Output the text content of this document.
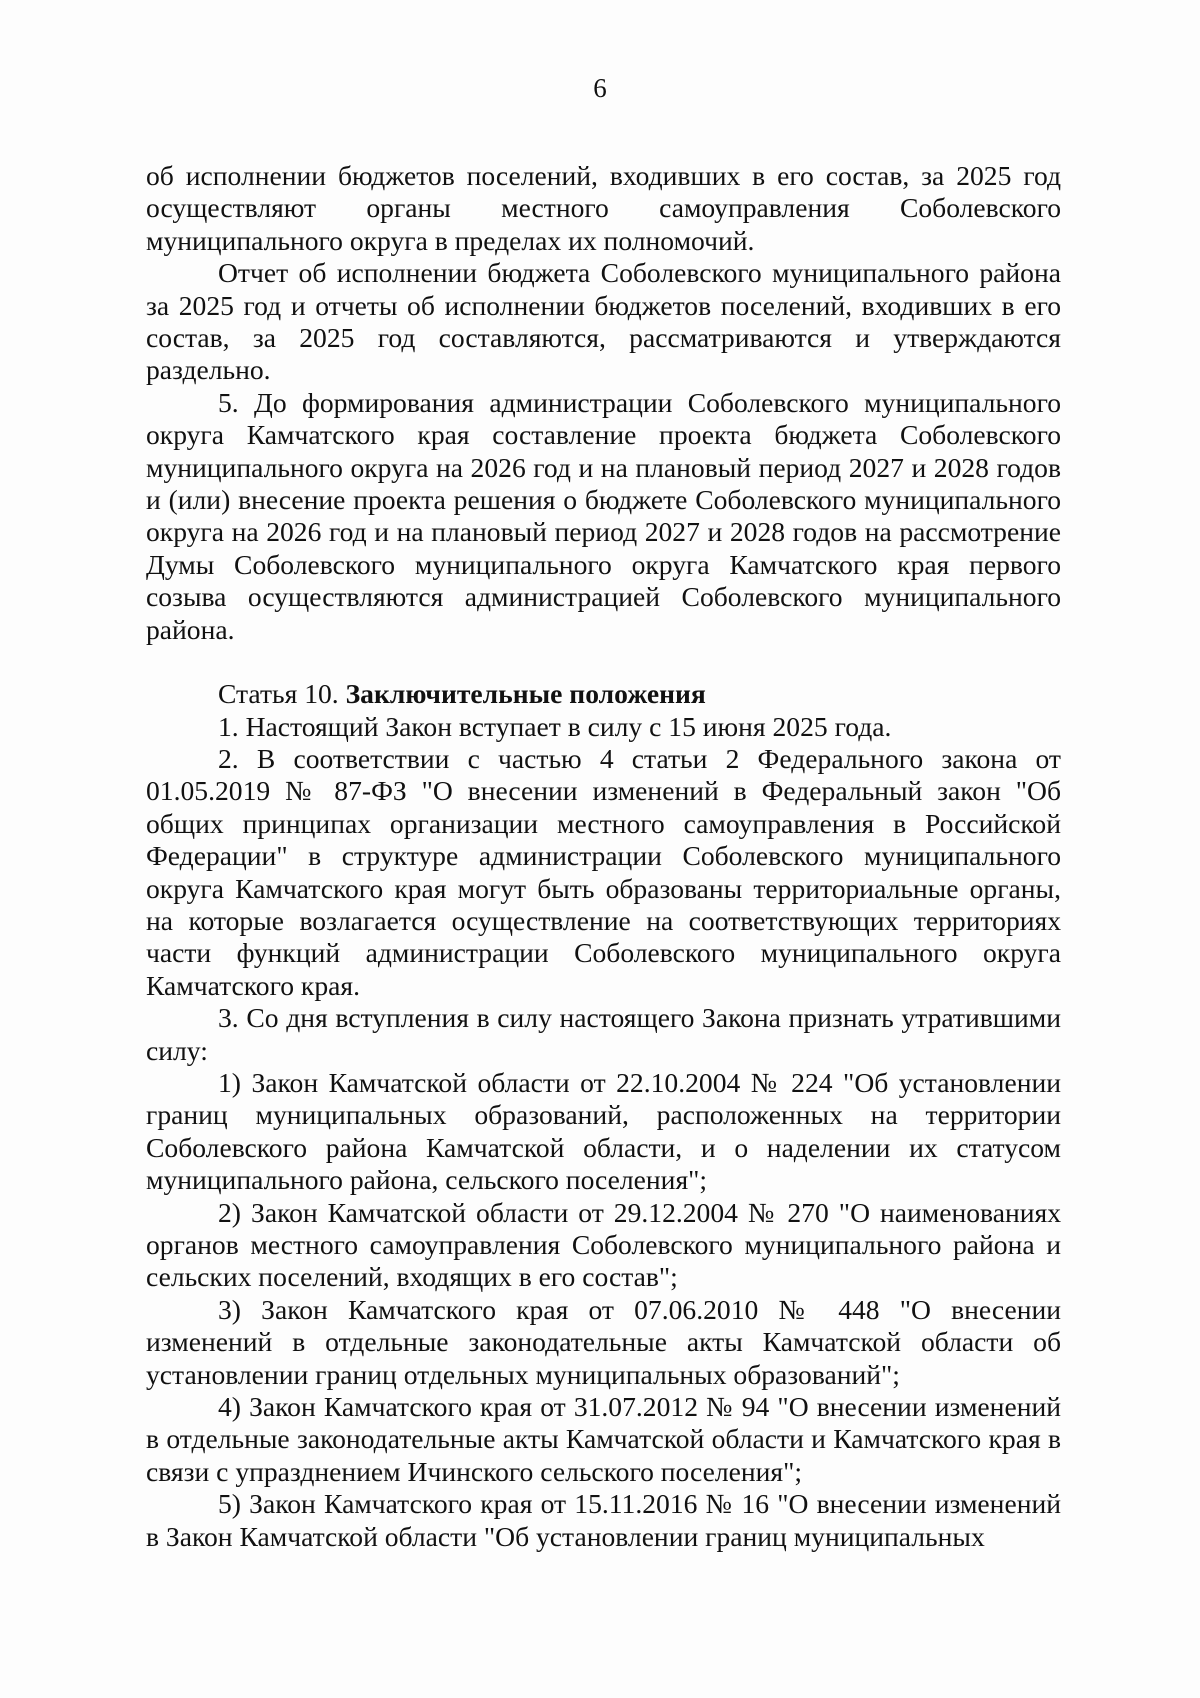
6

об исполнении бюджетов поселений, входивших в его состав, за 2025 год осуществляют органы местного самоуправления Соболевского муниципального округа в пределах их полномочий.

Отчет об исполнении бюджета Соболевского муниципального района за 2025 год и отчеты об исполнении бюджетов поселений, входивших в его состав, за 2025 год составляются, рассматриваются и утверждаются раздельно.

5. До формирования администрации Соболевского муниципального округа Камчатского края составление проекта бюджета Соболевского муниципального округа на 2026 год и на плановый период 2027 и 2028 годов и (или) внесение проекта решения о бюджете Соболевского муниципального округа на 2026 год и на плановый период 2027 и 2028 годов на рассмотрение Думы Соболевского муниципального округа Камчатского края первого созыва осуществляются администрацией Соболевского муниципального района.

Статья 10. Заключительные положения

1. Настоящий Закон вступает в силу с 15 июня 2025 года.

2. В соответствии с частью 4 статьи 2 Федерального закона от 01.05.2019 № 87-ФЗ "О внесении изменений в Федеральный закон "Об общих принципах организации местного самоуправления в Российской Федерации" в структуре администрации Соболевского муниципального округа Камчатского края могут быть образованы территориальные органы, на которые возлагается осуществление на соответствующих территориях части функций администрации Соболевского муниципального округа Камчатского края.

3. Со дня вступления в силу настоящего Закона признать утратившими силу:

1) Закон Камчатской области от 22.10.2004 № 224 "Об установлении границ муниципальных образований, расположенных на территории Соболевского района Камчатской области, и о наделении их статусом муниципального района, сельского поселения";

2) Закон Камчатской области от 29.12.2004 № 270 "О наименованиях органов местного самоуправления Соболевского муниципального района и сельских поселений, входящих в его состав";

3) Закон Камчатского края от 07.06.2010 № 448 "О внесении изменений в отдельные законодательные акты Камчатской области об установлении границ отдельных муниципальных образований";

4) Закон Камчатского края от 31.07.2012 № 94 "О внесении изменений в отдельные законодательные акты Камчатской области и Камчатского края в связи с упразднением Ичинского сельского поселения";

5) Закон Камчатского края от 15.11.2016 № 16 "О внесении изменений в Закон Камчатской области "Об установлении границ муниципальных
